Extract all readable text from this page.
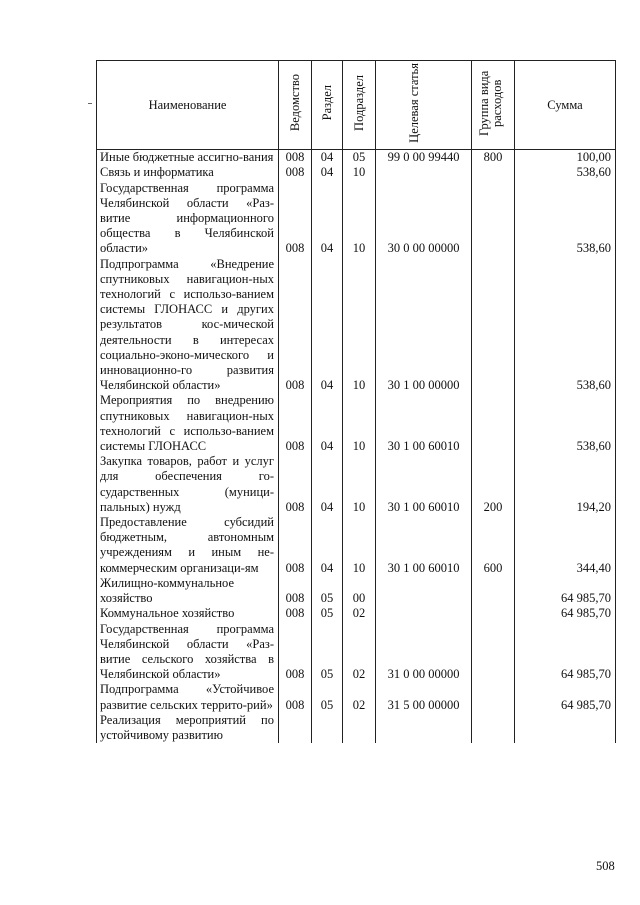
Наименование	Ведомство	Раздел	Подраздел	Целевая статья	Группа вида расходов	Сумма
Иные бюджетные ассигно-вания	008	04	05	99 0 00 99440	800	100,00
Связь и информатика	008	04	10			538,60
Государственная программа Челябинской области «Раз-витие информационного общества в Челябинской области»	008	04	10	30 0 00 00000		538,60
Подпрограмма «Внедрение спутниковых навигацион-ных технологий с использо-ванием системы ГЛОНАСС и других результатов кос-мической деятельности в интересах социально-эконо-мического и инновационно-го развития Челябинской области»	008	04	10	30 1 00 00000		538,60
Мероприятия по внедрению спутниковых навигацион-ных технологий с использо-ванием системы ГЛОНАСС	008	04	10	30 1 00 60010		538,60
Закупка товаров, работ и услуг для обеспечения го-сударственных (муници-пальных) нужд	008	04	10	30 1 00 60010	200	194,20
Предоставление субсидий бюджетным, автономным учреждениям и иным не-коммерческим организаци-ям	008	04	10	30 1 00 60010	600	344,40
Жилищно-коммунальное хозяйство	008	05	00			64 985,70
Коммунальное хозяйство	008	05	02			64 985,70
Государственная программа Челябинской области «Раз-витие сельского хозяйства в Челябинской области»	008	05	02	31 0 00 00000		64 985,70
Подпрограмма «Устойчивое развитие сельских террито-рий»	008	05	02	31 5 00 00000		64 985,70
Реализация мероприятий по устойчивому развитию						
508
